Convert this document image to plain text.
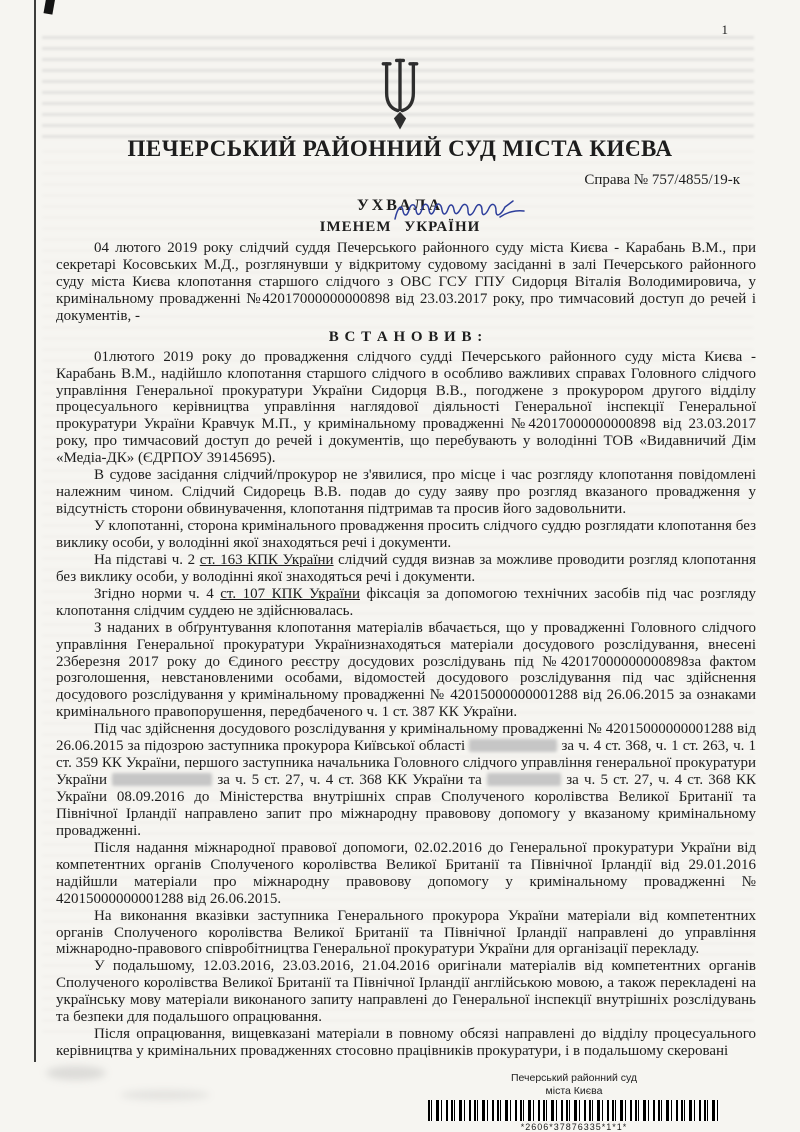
1
ПЕЧЕРСЬКИЙ РАЙОННИЙ СУД МІСТА КИЄВА
Справа № 757/4855/19-к
УХВАЛА
ІМЕНЕМ УКРАЇНИ

04 лютого 2019 року слідчий суддя Печерського районного суду міста Києва - Карабань В.М., при секретарі Косовських М.Д., розглянувши у відкритому судовому засіданні в залі Печерського районного суду міста Києва клопотання старшого слідчого з ОВС ГСУ ГПУ Сидорця Віталія Володимировича, у кримінальному провадженні №42017000000000898 від 23.03.2017 року, про тимчасовий доступ до речей і документів, -

В С Т А Н О В И В :

01лютого 2019 року до провадження слідчого судді Печерського районного суду міста Києва - Карабань В.М., надійшло клопотання старшого слідчого в особливо важливих справах Головного слідчого управління Генеральної прокуратури України Сидорця В.В., погоджене з прокурором другого відділу процесуального керівництва управління наглядової діяльності Генеральної інспекції Генеральної прокуратури України Кравчук М.П., у кримінальному провадженні №42017000000000898 від 23.03.2017 року, про тимчасовий доступ до речей і документів, що перебувають у володінні ТОВ «Видавничий Дім «Медіа-ДК» (ЄДРПОУ 39145695).

В судове засідання слідчий/прокурор не з'явилися, про місце і час розгляду клопотання повідомлені належним чином. Слідчий Сидорець В.В. подав до суду заяву про розгляд вказаного провадження у відсутність сторони обвинувачення, клопотання підтримав та просив його задовольнити.

У клопотанні, сторона кримінального провадження просить слідчого суддю розглядати клопотання без виклику особи, у володінні якої знаходяться речі і документи.

На підставі ч. 2 ст. 163 КПК України слідчий суддя визнав за можливе проводити розгляд клопотання без виклику особи, у володінні якої знаходяться речі і документи.

Згідно норми ч. 4 ст. 107 КПК України фіксація за допомогою технічних засобів під час розгляду клопотання слідчим суддею не здійснювалась.

З наданих в обґрунтування клопотання матеріалів вбачається, що у провадженні Головного слідчого управління Генеральної прокуратури Українизнаходяться матеріали досудового розслідування, внесені 23березня 2017 року до Єдиного реєстру досудових розслідувань під №42017000000000898за фактом розголошення, невстановленими особами, відомостей досудового розслідування під час здійснення досудового розслідування у кримінальному провадженні № 42015000000001288 від 26.06.2015 за ознаками кримінального правопорушення, передбаченого ч. 1 ст. 387 КК України.

Під час здійснення досудового розслідування у кримінальному провадженні № 42015000000001288 від 26.06.2015 за підозрою заступника прокурора Київської області	за ч. 4 ст. 368, ч. 1 ст. 263, ч. 1 ст. 359 КК України, першого заступника начальника Головного слідчого управління генеральної прокуратури України	за ч. 5 ст. 27, ч. 4 ст. 368 КК України та	за ч. 5 ст. 27, ч. 4 ст. 368 КК України 08.09.2016 до Міністерства внутрішніх справ Сполученого королівства Великої Британії та Північної Ірландії направлено запит про міжнародну правовову допомогу у вказаному кримінальному провадженні.

Після надання міжнародної правової допомоги, 02.02.2016 до Генеральної прокуратури України від компетентних органів Сполученого королівства Великої Британії та Північної Ірландії від 29.01.2016 надійшли матеріали про міжнародну правовову допомогу у кримінальному провадженні № 42015000000001288 від 26.06.2015.

На виконання вказівки заступника Генерального прокурора України матеріали від компетентних органів Сполученого королівства Великої Британії та Північної Ірландії направлені до управління міжнародно-правового співробітництва Генеральної прокуратури України для організації перекладу.

У подальшому, 12.03.2016, 23.03.2016, 21.04.2016 оригінали матеріалів від компетентних органів Сполученого королівства Великої Британії та Північної Ірландії англійською мовою, а також перекладені на українську мову матеріали виконаного запиту направлені до Генеральної інспекції внутрішніх розслідувань та безпеки для подальшого опрацювання.

Після опрацювання, вищевказані матеріали в повному обсязі направлені до відділу процесуального керівництва у кримінальних провадженнях стосовно працівників прокуратури, і в подальшому скеровані

Печерський районний суд
міста Києва
*2606*37876335*1*1*
